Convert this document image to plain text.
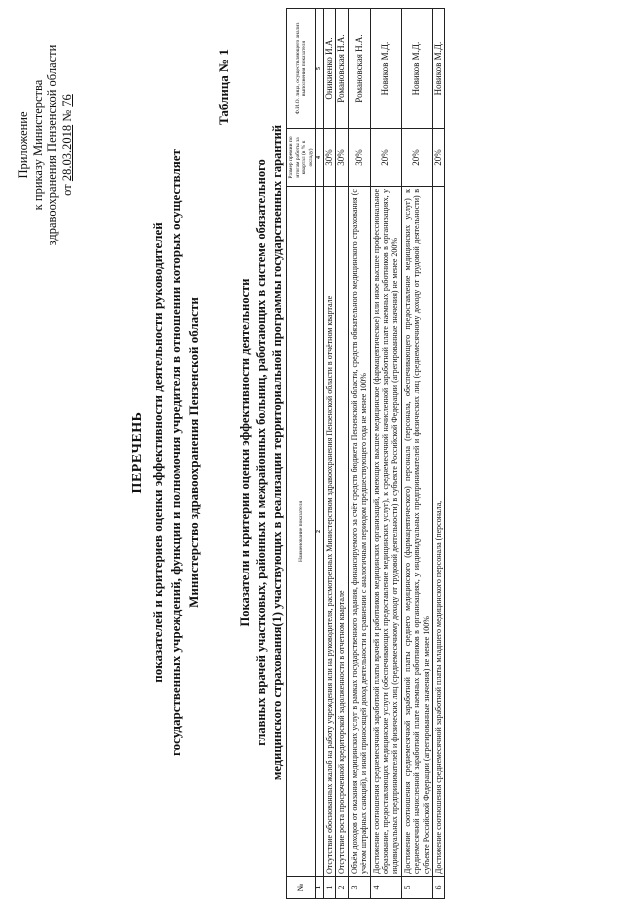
Приложение к приказу Министерства здравоохранения Пензенской области от 28.03.2018 № 76
ПЕРЕЧЕНЬ показателей и критериев оценки эффективности деятельности руководителей государственных учреждений, функции и полномочия учредителя в отношении которых осуществляет Министерство здравоохранения Пензенской области
Таблица № 1
Показатели и критерии оценки эффективности деятельности главных врачей участковых, районных и межрайонных больниц, работающих в системе обязательного медицинского страхования(1) участвующих в реализации территориальной программы государственных гарантий
№	Наименование показателя	Размер премии по итогам работы за квартал (в % к окладу)	Ф.И.О. лица, осуществляющего анализ выполнения показателя
1	2	4	5
1	Отсутствие обоснованных жалоб на работу учреждения или на руководителя, рассмотренных Министерством здравоохранения Пензенской области в отчётном квартале	30%	Оникиенко И.А.
2	Отсутствие роста просроченной кредиторской задолженности в отчетном квартале	30%	Романовская Н.А.
3	Объём доходов от оказания медицинских услуг в рамках государственного задания, финансируемого за счёт средств бюджета Пензенской области, средств обязательного медицинского страхования (с учётом штрафных санкций), и иной приносящей доход деятельности в сравнении с аналогичным периодом предшествующего года не менее 100%	30%	Романовская Н.А.
4	Достижение соотношения среднемесячной заработной платы врачей и работников медицинских организаций, имеющих высшее медицинское (фармацевтическое) или иное высшее профессиональное образование, предоставляющих медицинские услуги (обеспечивающих предоставление медицинских услуг), к среднемесячной начисленной заработной плате наемных работников в организациях, у индивидуальных предпринимателей и физических лиц (среднемесячному доходу от трудовой деятельности) в субъекте Российской Федерации (агрегированные значения) не менее 200%	20%	Новиков М.Д.
5	Достижение соотношения среднемесячной заработной платы среднего медицинского (фармацевтического) персонала (персонала, обеспечивающего предоставление медицинских услуг) к среднемесячной начисленной заработной плате наемных работников в организациях, у индивидуальных предпринимателей и физических лиц (среднемесячному доходу от трудовой деятельности) в субъекте Российской Федерации (агрегированные значения) не менее 100%	20%	Новиков М.Д.
6	Достижение соотношения среднемесячной заработной платы младшего медицинского персонала (персонала,	20%	Новиков М.Д.
